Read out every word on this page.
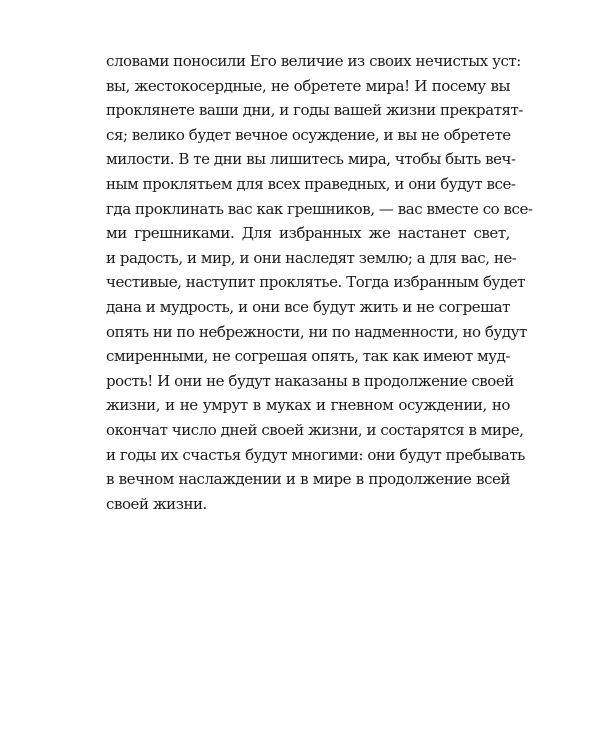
словами поносили Его величие из своих нечистых уст:
вы, жестокосердные, не обретете мира! И посему вы
проклянете ваши дни, и годы вашей жизни прекратят-
ся; велико будет вечное осуждение, и вы не обретете
милости. В те дни вы лишитесь мира, чтобы быть веч-
ным проклятьем для всех праведных, и они будут все-
гда проклинать вас как грешников, — вас вместе со все-
ми грешниками. Для избранных же настанет свет,
и радость, и мир, и они наследят землю; а для вас, не-
честивые, наступит проклятье. Тогда избранным будет
дана и мудрость, и они все будут жить и не согрешат
опять ни по небрежности, ни по надменности, но будут
смиренными, не согрешая опять, так как имеют муд-
рость! И они не будут наказаны в продолжение своей
жизни, и не умрут в муках и гневном осуждении, но
окончат число дней своей жизни, и состарятся в мире,
и годы их счастья будут многими: они будут пребывать
в вечном наслаждении и в мире в продолжение всей
своей жизни.
